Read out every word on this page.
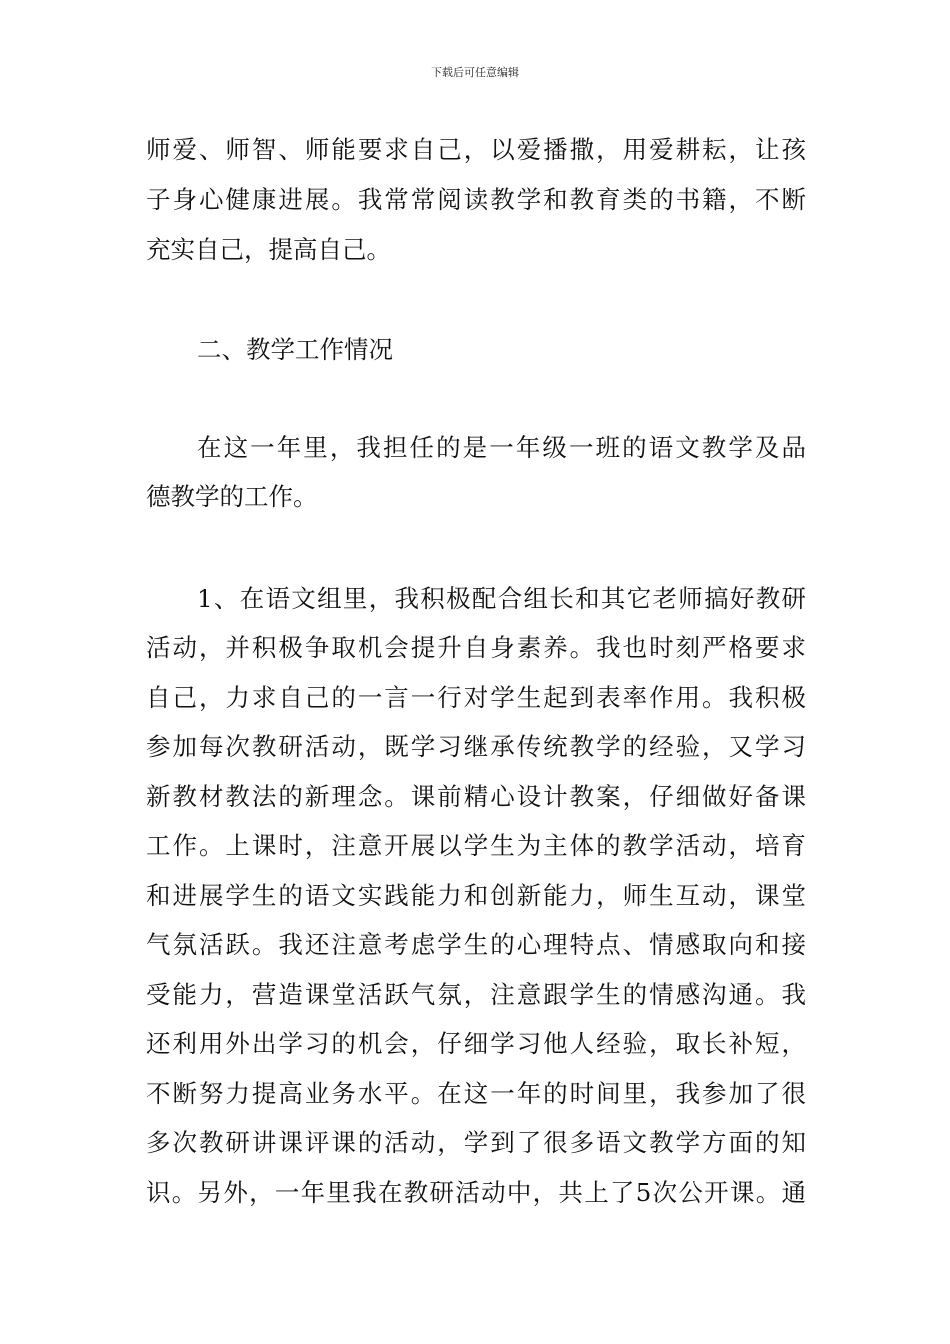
下载后可任意编辑
师爱、师智、师能要求自己，以爱播撒，用爱耕耘，让孩
子身心健康进展。我常常阅读教学和教育类的书籍，不断
充实自己，提高自己。
二、教学工作情况
在这一年里，我担任的是一年级一班的语文教学及品
德教学的工作。
1、在语文组里，我积极配合组长和其它老师搞好教研
活动，并积极争取机会提升自身素养。我也时刻严格要求
自己，力求自己的一言一行对学生起到表率作用。我积极
参加每次教研活动，既学习继承传统教学的经验，又学习
新教材教法的新理念。课前精心设计教案，仔细做好备课
工作。上课时，注意开展以学生为主体的教学活动，培育
和进展学生的语文实践能力和创新能力，师生互动，课堂
气氛活跃。我还注意考虑学生的心理特点、情感取向和接
受能力，营造课堂活跃气氛，注意跟学生的情感沟通。我
还利用外出学习的机会，仔细学习他人经验，取长补短，
不断努力提高业务水平。在这一年的时间里，我参加了很
多次教研讲课评课的活动，学到了很多语文教学方面的知
识。另外，一年里我在教研活动中，共上了5次公开课。通
